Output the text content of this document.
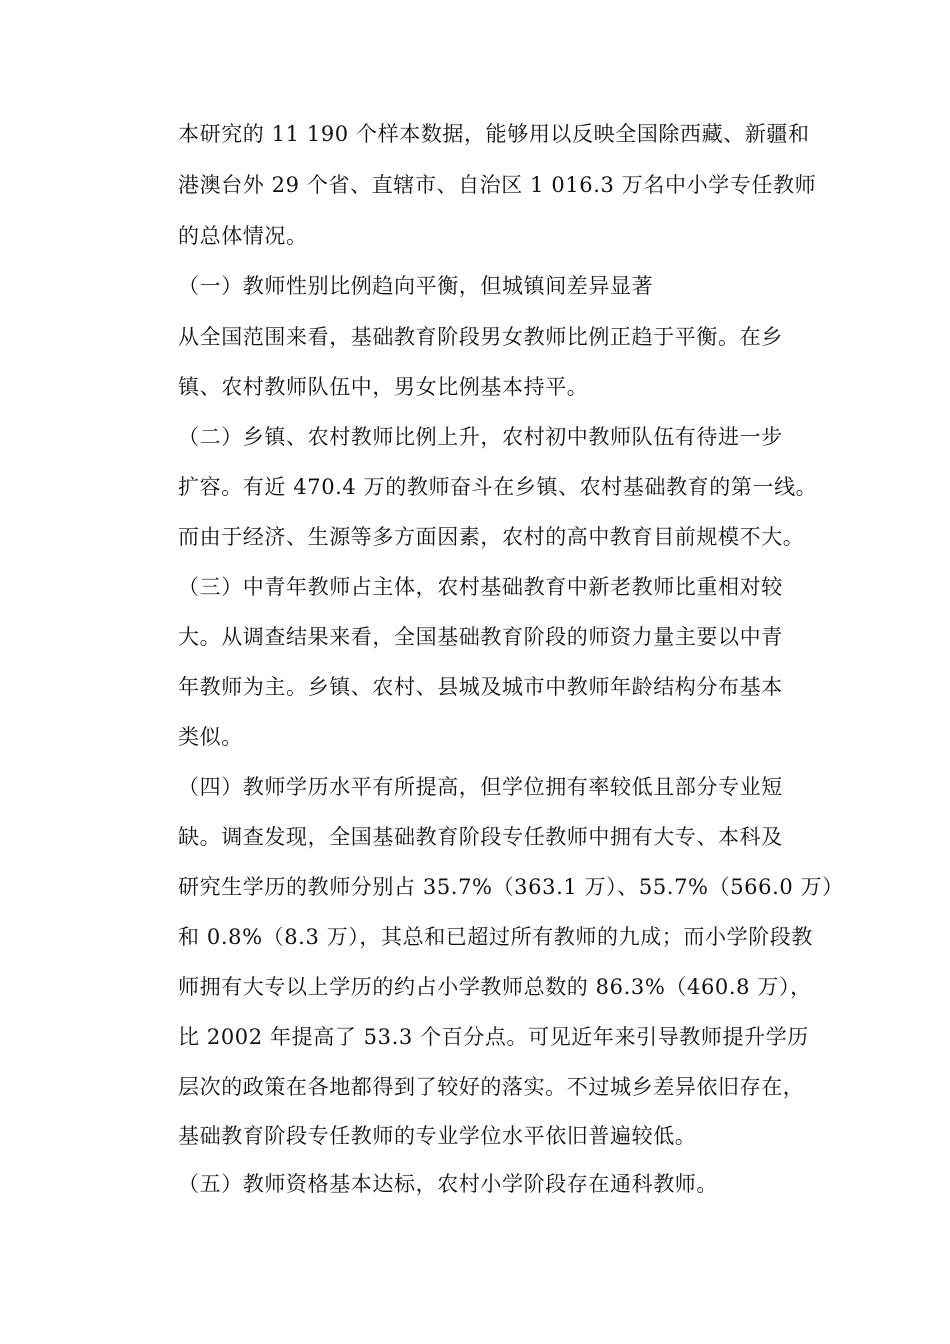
本研究的 11 190 个样本数据，能够用以反映全国除西藏、新疆和
港澳台外 29 个省、直辖市、自治区 1 016.3 万名中小学专任教师
的总体情况。
（一）教师性别比例趋向平衡，但城镇间差异显著
从全国范围来看，基础教育阶段男女教师比例正趋于平衡。在乡
镇、农村教师队伍中，男女比例基本持平。
（二）乡镇、农村教师比例上升，农村初中教师队伍有待进一步
扩容。有近 470.4 万的教师奋斗在乡镇、农村基础教育的第一线。
而由于经济、生源等多方面因素，农村的高中教育目前规模不大。
（三）中青年教师占主体，农村基础教育中新老教师比重相对较
大。从调查结果来看，全国基础教育阶段的师资力量主要以中青
年教师为主。乡镇、农村、县城及城市中教师年龄结构分布基本
类似。
（四）教师学历水平有所提高，但学位拥有率较低且部分专业短
缺。调查发现，全国基础教育阶段专任教师中拥有大专、本科及
研究生学历的教师分别占 35.7%（363.1 万）、55.7%（566.0 万）
和 0.8%（8.3 万），其总和已超过所有教师的九成；而小学阶段教
师拥有大专以上学历的约占小学教师总数的 86.3%（460.8 万），
比 2002 年提高了 53.3 个百分点。可见近年来引导教师提升学历
层次的政策在各地都得到了较好的落实。不过城乡差异依旧存在，
基础教育阶段专任教师的专业学位水平依旧普遍较低。
（五）教师资格基本达标，农村小学阶段存在通科教师。
